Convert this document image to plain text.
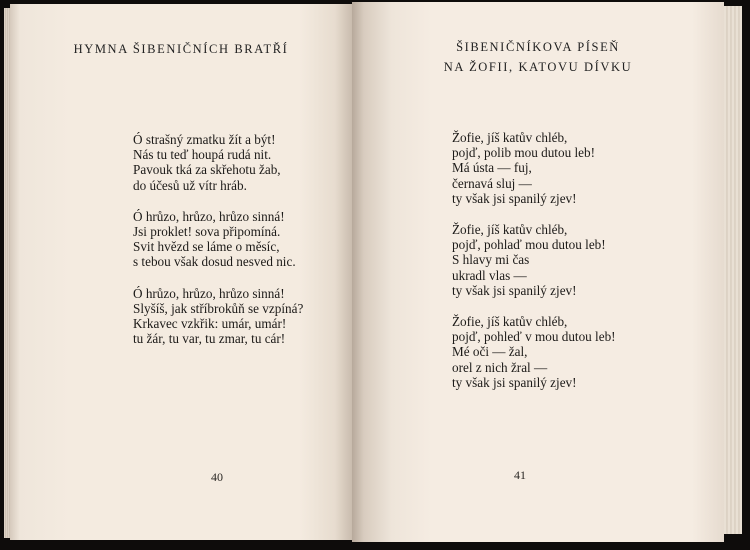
HYMNA ŠIBENIČNÍCH BRATŘÍ
Ó strašný zmatku žít a být!
Nás tu teď houpá rudá nit.
Pavouk tká za skřehotu žab,
do účesů už vítr hráb.
Ó hrůzo, hrůzo, hrůzo sinná!
Jsi proklet! sova připomíná.
Svit hvězd se láme o měsíc,
s tebou však dosud nesved nic.
Ó hrůzo, hrůzo, hrůzo sinná!
Slyšíš, jak stříbrokůň se vzpíná?
Krkavec vzkřik: umár, umár!
tu žár, tu var, tu zmar, tu cár!
40
ŠIBENIČNÍKOVA PÍSEŇ
NA ŽOFII, KATOVU DÍVKU
Žofie, jíš katův chléb,
pojď, polib mou dutou leb!
Má ústa — fuj,
černavá sluj —
ty však jsi spanilý zjev!
Žofie, jíš katův chléb,
pojď, pohlaď mou dutou leb!
S hlavy mi čas
ukradl vlas —
ty však jsi spanilý zjev!
Žofie, jíš katův chléb,
pojď, pohleď v mou dutou leb!
Mé oči — žal,
orel z nich žral —
ty však jsi spanilý zjev!
41
